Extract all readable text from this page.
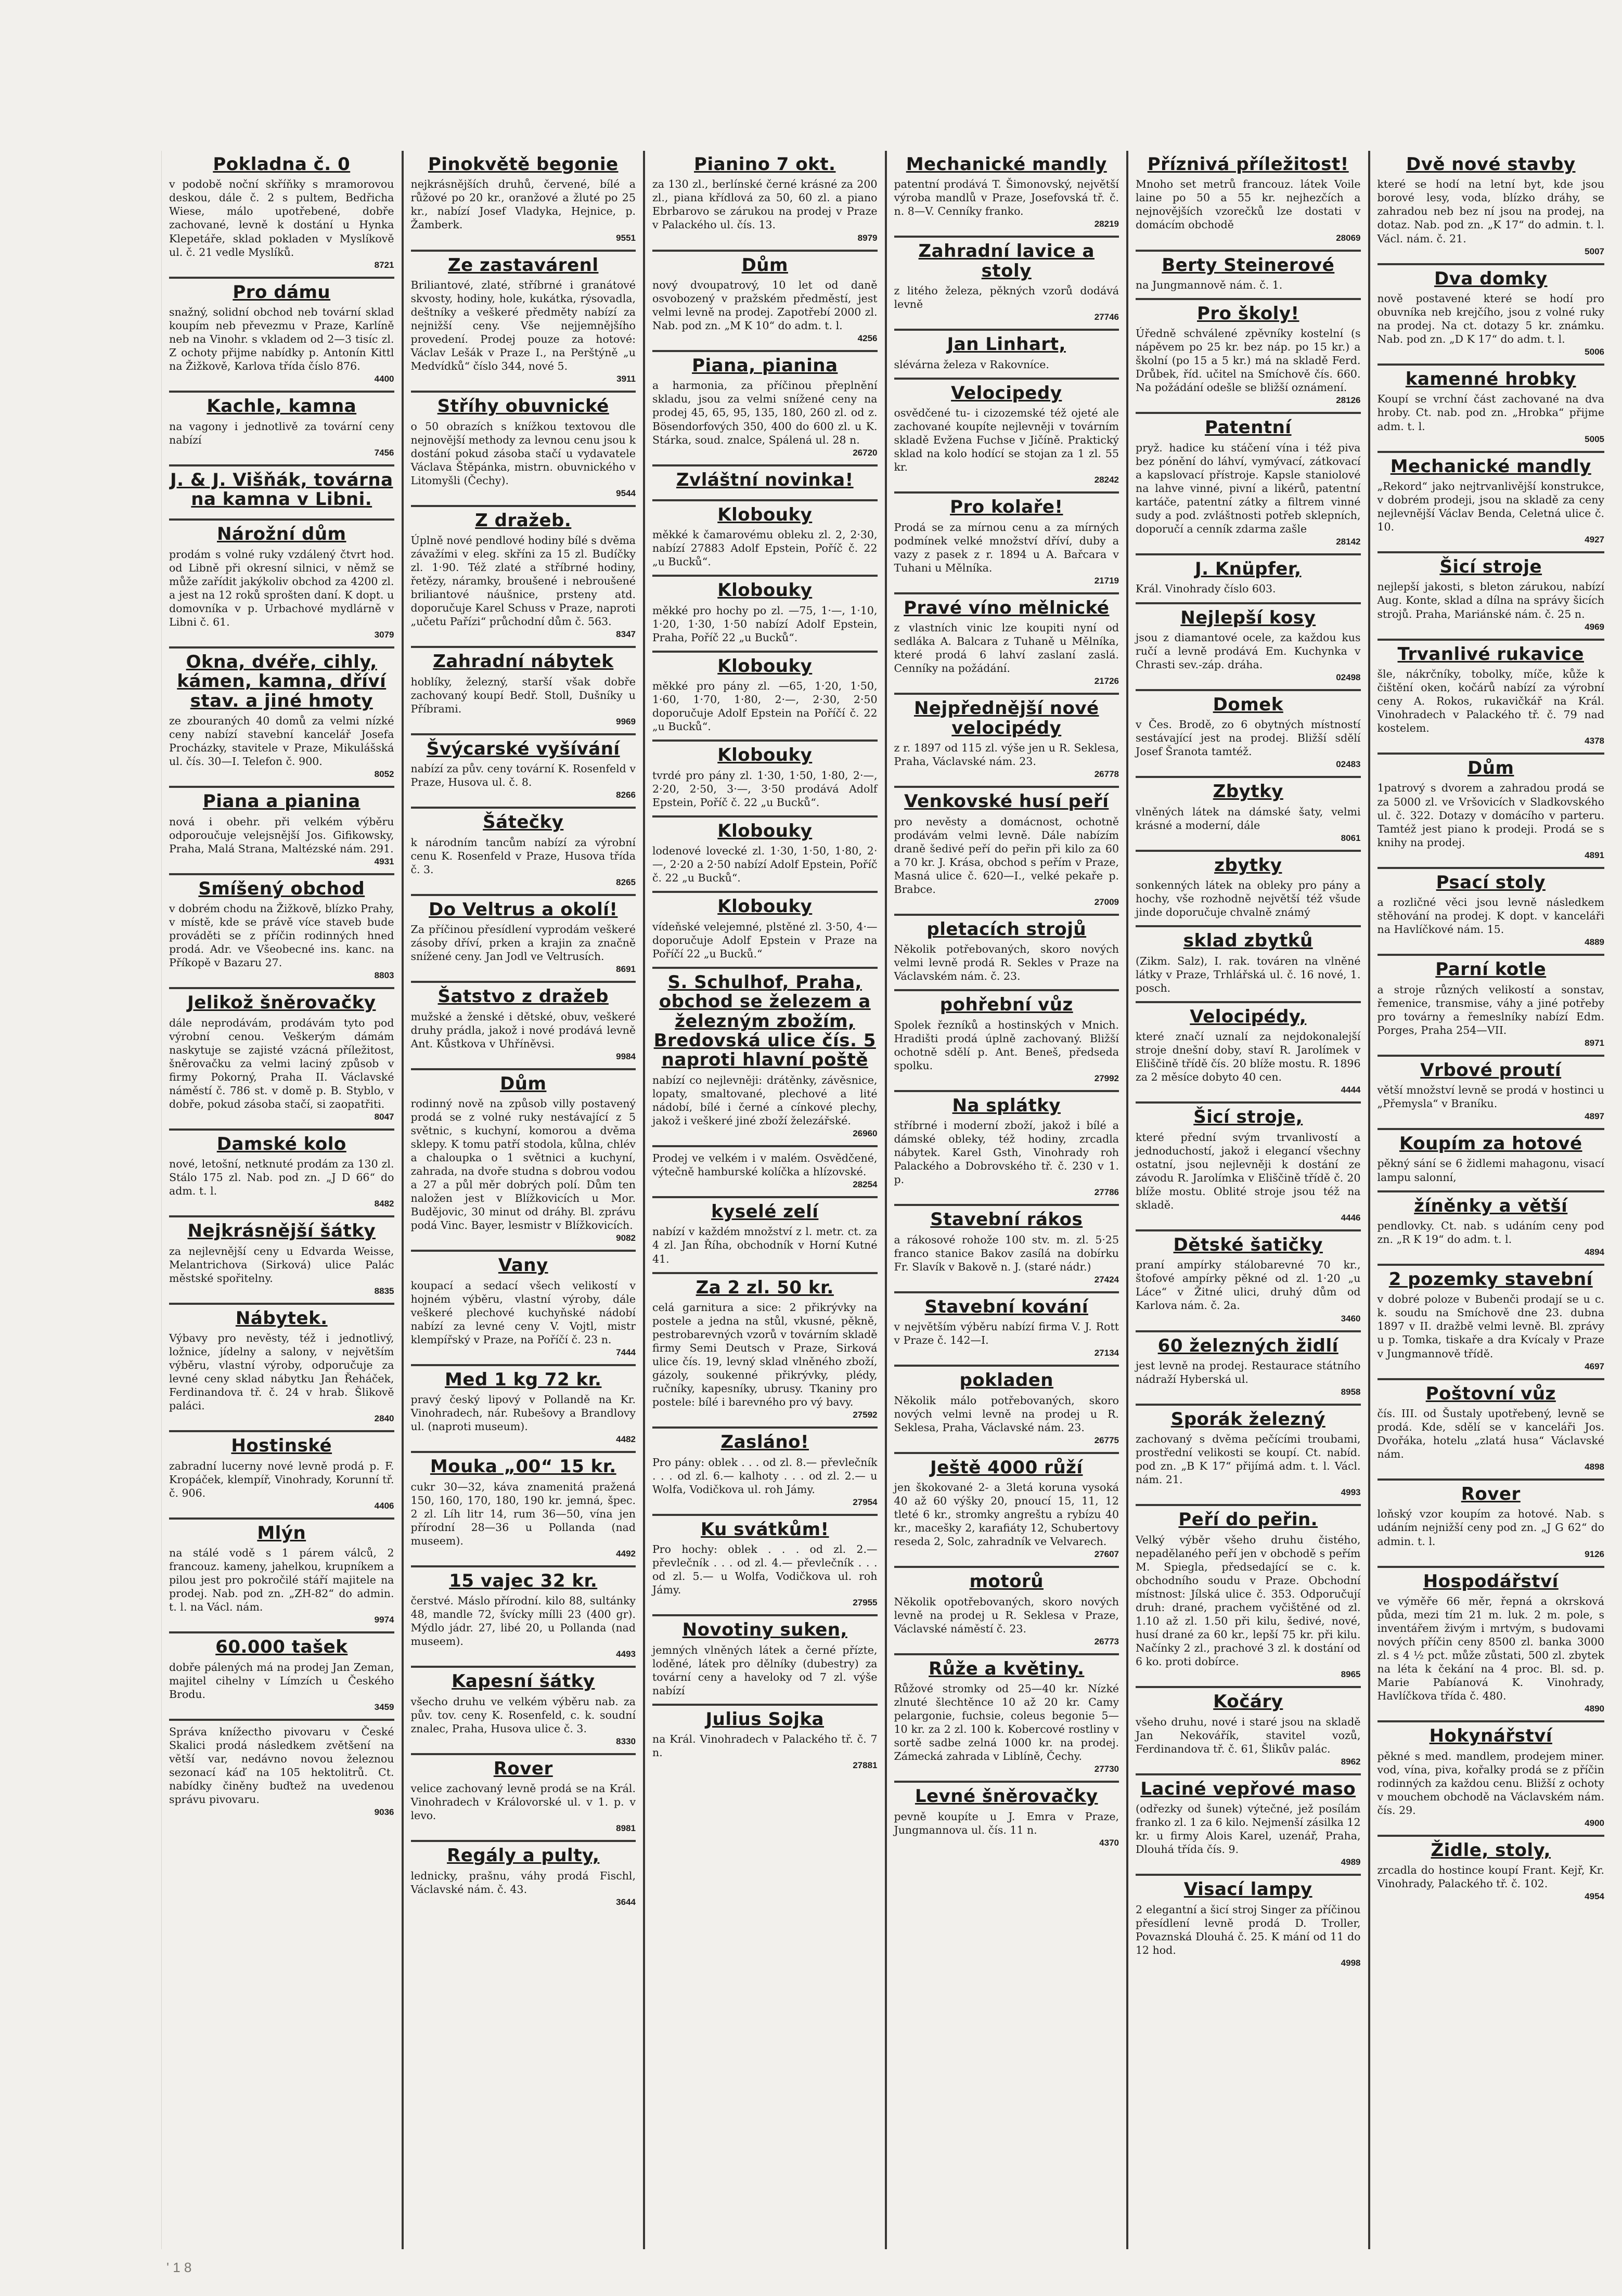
Pokladna č. 0
v podobě noční skříňky s mramorovou deskou, dále č. 2 s pultem, Bedřicha Wiese, málo upotřebené, dobře zachované, levně k dostání u Hynka Klepetáře, sklad pokladen v Myslíkově ul. č. 21 vedle Myslíků.
8721
Pro dámu
snažný, solidní obchod neb tovární sklad koupím neb převezmu v Praze, Karlíně neb na Vinohr. s vkladem od 2—3 tisíc zl. Z ochoty přijme nabídky p. Antonín Kittl na Žižkově, Karlova třída číslo 876.
4400
Kachle, kamna
na vagony i jednotlivě za tovární ceny nabízí
7456
J. & J. Višňák, továrna na kamna v Libni.
Nárožní dům
prodám s volné ruky vzdálený čtvrt hod. od Libně při okresní silnici, v němž se může zařídit jakýkoliv obchod za 4200 zl. a jest na 12 roků sprošten daní. K dopt. u domovníka v p. Urbachové mydlárně v Libni č. 61.
3079
Okna, dvéře, cihly, kámen, kamna, dříví stav. a jiné hmoty
ze zbouraných 40 domů za velmi nízké ceny nabízí stavební kancelář Josefa Procházky, stavitele v Praze, Mikulášská ul. čís. 30—I. Telefon č. 900.
8052
Piana a pianina
nová i obehr. při velkém výběru odporoučuje velejsnější Jos. Gifikowsky, Praha, Malá Strana, Maltézské nám. 291.
4931
Smíšený obchod
v dobrém chodu na Žižkově, blízko Prahy, v místě, kde se právě více staveb bude prováděti se z příčin rodinných hned prodá. Adr. ve Všeobecné ins. kanc. na Příkopě v Bazaru 27.
8803
Jelikož šněrovačky
dále neprodávám, prodávám tyto pod výrobní cenou. Veškerým dámám naskytuje se zajisté vzácná příležitost, šněrovačku za velmi laciný způsob v firmy Pokorný, Praha II. Václavské náměstí č. 786 st. v domě p. B. Styblo, v dobře, pokud zásoba stačí, si zaopatřiti.
8047
Damské kolo
nové, letošní, netknuté prodám za 130 zl. Stálo 175 zl. Nab. pod zn. „J D 66“ do adm. t. l.
8482
Nejkrásnější šátky
za nejlevnější ceny u Edvarda Weisse, Melantrichova (Sirková) ulice Palác městské spořitelny.
8835
Nábytek.
Výbavy pro nevěsty, též i jednotlivý, ložnice, jídelny a salony, v největším výběru, vlastní výroby, odporučuje za levné ceny sklad nábytku Jan Řeháček, Ferdinandova tř. č. 24 v hrab. Šlikově paláci.
2840
Hostinské
zabradní lucerny nové levně prodá p. F. Kropáček, klempíř, Vinohrady, Korunní tř. č. 906.
4406
Mlýn
na stálé vodě s 1 párem válců, 2 francouz. kameny, jahelkou, krupníkem a pilou jest pro pokročilé stáří majitele na prodej. Nab. pod zn. „ZH-82“ do admin. t. l. na Václ. nám.
9974
60.000 tašek
dobře pálených má na prodej Jan Zeman, majitel cihelny v Límzích u Českého Brodu.
3459
Správa knížectho pivovaru v České Skalici prodá následkem zvětšení na větší var, nedávno novou železnou sezonací káď na 105 hektolitrů. Ct. nabídky činěny buďtež na uvedenou správu pivovaru.
9036
Pinokvětě begonie
nejkrásnějších druhů, červené, bílé a růžové po 20 kr., oranžové a žluté po 25 kr., nabízí Josef Vladyka, Hejnice, p. Žamberk.
9551
Ze zastavárenl
Briliantové, zlaté, stříbrné i granátové skvosty, hodiny, hole, kukátka, rýsovadla, deštníky a veškeré předměty nabízí za nejnižší ceny. Vše nejjemnějšího provedení. Prodej pouze za hotové: Václav Lešák v Praze I., na Perštýně „u Medvídků“ číslo 344, nové 5.
3911
Stříhy obuvnické
o 50 obrazích s knížkou textovou dle nejnovější methody za levnou cenu jsou k dostání pokud zásoba stačí u vydavatele Václava Štěpánka, mistrn. obuvnického v Litomyšli (Čechy).
9544
Z dražeb.
Úplně nové pendlové hodiny bílé s dvěma závažími v eleg. skříni za 15 zl. Budíčky zl. 1·90. Též zlaté a stříbrné hodiny, řetězy, náramky, broušené i nebroušené briliantové náušnice, prsteny atd. doporučuje Karel Schuss v Praze, naproti „učetu Pařízi“ průchodní dům č. 563.
8347
Zahradní nábytek
hoblíky, železný, starší však dobře zachovaný koupí Bedř. Stoll, Dušníky u Příbrami.
9969
Švýcarské vyšívání
nabízí za pův. ceny tovární K. Rosenfeld v Praze, Husova ul. č. 8.
8266
Šátečky
k národním tancům nabízí za výrobní cenu K. Rosenfeld v Praze, Husova třída č. 3.
8265
Do Veltrus a okolí!
Za příčinou přesídlení vyprodám veškeré zásoby dříví, prken a krajin za značně snížené ceny. Jan Jodl ve Veltrusích.
8691
Šatstvo z dražeb
mužské a ženské i dětské, obuv, veškeré druhy prádla, jakož i nové prodává levně Ant. Kůstkova v Uhříněvsi.
9984
Dům
rodinný nově na způsob villy postavený prodá se z volné ruky nestávající z 5 světnic, s kuchyní, komorou a dvěma sklepy. K tomu patří stodola, kůlna, chlév a chaloupka o 1 světnici a kuchyní, zahrada, na dvoře studna s dobrou vodou a 27 a půl měr dobrých polí. Dům ten naložen jest v Blížkovicích u Mor. Budějovic, 30 minut od dráhy. Bl. zprávu podá Vinc. Bayer, lesmistr v Blížkovicích.
9082
Vany
koupací a sedací všech velikostí v hojném výběru, vlastní výroby, dále veškeré plechové kuchyňské nádobí nabízí za levné ceny V. Vojtl, mistr klempířský v Praze, na Poříčí č. 23 n.
7444
Med 1 kg 72 kr.
pravý český lipový v Pollandě na Kr. Vinohradech, nár. Rubešovy a Brandlovy ul. (naproti museum).
4482
Mouka „00“ 15 kr.
cukr 30—32, káva znamenitá pražená 150, 160, 170, 180, 190 kr. jemná, špec. 2 zl. Líh litr 14, rum 36—50, vína jen přírodní 28—36 u Pollanda (nad museem).
4492
15 vajec 32 kr.
čerstvé. Máslo přírodní. kilo 88, sultánky 48, mandle 72, švícky mílli 23 (400 gr). Mýdlo jádr. 27, libé 20, u Pollanda (nad museem).
4493
Kapesní šátky
všecho druhu ve velkém výběru nab. za pův. tov. ceny K. Rosenfeld, c. k. soudní znalec, Praha, Husova ulice č. 3.
8330
Rover
velice zachovaný levně prodá se na Král. Vinohradech v Královorské ul. v 1. p. v levo.
8981
Regály a pulty,
lednicky, prašnu, váhy prodá Fischl, Václavské nám. č. 43.
3644
Pianino 7 okt.
za 130 zl., berlínské černé krásné za 200 zl., piana křídlová za 50, 60 zl. a piano Ebrbarovo se zárukou na prodej v Praze v Palackého ul. čís. 13.
8979
Dům
nový dvoupatrový, 10 let od daně osvobozený v pražském předměstí, jest velmi levně na prodej. Zapotřebí 2000 zl. Nab. pod zn. „M K 10“ do adm. t. l.
4256
Piana, pianina
a harmonia, za příčinou přeplnění skladu, jsou za velmi snížené ceny na prodej 45, 65, 95, 135, 180, 260 zl. od z. Bösendorfových 350, 400 do 600 zl. u K. Stárka, soud. znalce, Spálená ul. 28 n.
26720
Zvláštní novinka!
Klobouky
měkké k čamarovému obleku zl. 2, 2·30, nabízí 27883 Adolf Epstein, Poříč č. 22 „u Bucků“.
Klobouky
měkké pro hochy po zl. —75, 1·—, 1·10, 1·20, 1·30, 1·50 nabízí Adolf Epstein, Praha, Poříč 22 „u Bucků“.
Klobouky
měkké pro pány zl. —65, 1·20, 1·50, 1·60, 1·70, 1·80, 2·—, 2·30, 2·50 doporučuje Adolf Epstein na Poříčí č. 22 „u Bucků“.
Klobouky
tvrdé pro pány zl. 1·30, 1·50, 1·80, 2·—, 2·20, 2·50, 3·—, 3·50 prodává Adolf Epstein, Poříč č. 22 „u Bucků“.
Klobouky
lodenové lovecké zl. 1·30, 1·50, 1·80, 2·—, 2·20 a 2·50 nabízí Adolf Epstein, Poříč č. 22 „u Bucků“.
Klobouky
vídeňské velejemné, plstěné zl. 3·50, 4·— doporučuje Adolf Epstein v Praze na Poříčí 22 „u Bucků.“
S. Schulhof, Praha, obchod se železem a železným zbožím, Bredovská ulice čís. 5 naproti hlavní poště
nabízí co nejlevněji: drátěnky, závěsnice, lopaty, smaltované, plechové a lité nádobí, bílé i černé a cínkové plechy, jakož i veškeré jiné zboží železářské.
26960
Prodej ve velkém i v malém. Osvědčené, výtečně hamburské kolíčka a hlízovské.
28254
kyselé zelí
nabízí v každém množství z l. metr. ct. za 4 zl. Jan Říha, obchodník v Horní Kutné 41.
Za 2 zl. 50 kr.
celá garnitura a sice: 2 přikrývky na postele a jedna na stůl, vkusné, pěkně, pestrobarevných vzorů v továrním skladě firmy Semi Deutsch v Praze, Sirková ulice čís. 19, levný sklad vlněného zboží, gázoly, soukenné přikrývky, plédy, ručníky, kapesníky, ubrusy. Tkaniny pro postele: bílé i barevného pro vý bavy.
27592
Zasláno!
Pro pány: oblek . . . od zl. 8.— převlečník . . . od zl. 6.— kalhoty . . . od zl. 2.— u Wolfa, Vodičkova ul. roh Jámy.
27954
Ku svátkům!
Pro hochy: oblek . . . od zl. 2.— převlečník . . . od zl. 4.— převlečník . . . od zl. 5.— u Wolfa, Vodičkova ul. roh Jámy.
27955
Novotiny suken,
jemných vlněných látek a černé přízte, loděné, látek pro dělníky (dubestry) za tovární ceny a haveloky od 7 zl. výše nabízí
Julius Sojka
na Král. Vinohradech v Palackého tř. č. 7 n.
27881
Mechanické mandly
patentní prodává T. Šimonovský, největší výroba mandlů v Praze, Josefovská tř. č. n. 8—V. Cenníky franko.
28219
Zahradní lavice a stoly
z litého železa, pěkných vzorů dodává levně
27746
Jan Linhart,
slévárna železa v Rakovníce.
Velocipedy
osvědčené tu- i cizozemské též ojeté ale zachované koupíte nejlevněji v továrním skladě Evžena Fuchse v Jičíně. Praktický sklad na kolo hodící se stojan za 1 zl. 55 kr.
28242
Pro kolaře!
Prodá se za mírnou cenu a za mírných podmínek velké množství dříví, duby a vazy z pasek z r. 1894 u A. Bařcara v Tuhani u Mělníka.
21719
Pravé víno mělnické
z vlastních vinic lze koupiti nyní od sedláka A. Balcara z Tuhaně u Mělníka, které prodá 6 lahví zaslaní zaslá. Cenníky na požádání.
21726
Nejpřednější nové velocipédy
z r. 1897 od 115 zl. výše jen u R. Seklesa, Praha, Václavské nám. 23.
26778
Venkovské husí peří
pro nevěsty a domácnost, ochotně prodávám velmi levně. Dále nabízím draně šedivé peří do peřin při kilo za 60 a 70 kr. J. Krása, obchod s peřím v Praze, Masná ulice č. 620—I., velké pekaře p. Brabce.
27009
pletacích strojů
Několik potřebovaných, skoro nových velmi levně prodá R. Sekles v Praze na Václavském nám. č. 23.
pohřební vůz
Spolek řezníků a hostinských v Mnich. Hradišti prodá úplně zachovaný. Bližší ochotně sdělí p. Ant. Beneš, předseda spolku.
27992
Na splátky
stříbrné i moderní zboží, jakož i bílé a dámské obleky, též hodiny, zrcadla nábytek. Karel Gsth, Vinohrady roh Palackého a Dobrovského tř. č. 230 v 1. p.
27786
Stavební rákos
a rákosové rohože 100 stv. m. zl. 5·25 franco stanice Bakov zasílá na dobírku Fr. Slavík v Bakově n. J. (staré nádr.)
27424
Stavební kování
v největším výběru nabízí firma V. J. Rott v Praze č. 142—I.
27134
pokladen
Několik málo potřebovaných, skoro nových velmi levně na prodej u R. Seklesa, Praha, Václavské nám. 23.
26775
Ještě 4000 růží
jen škokované 2- a 3letá koruna vysoká 40 až 60 výšky 20, pnoucí 15, 11, 12 tleté 6 kr., stromky angreštu a rybízu 40 kr., macešky 2, karafiáty 12, Schubertovy reseda 2, Solc, zahradník ve Velvarech.
27607
motorů
Několik opotřebovaných, skoro nových levně na prodej u R. Seklesa v Praze, Václavské náměstí č. 23.
26773
Růže a květiny.
Růžové stromky od 25—40 kr. Nízké zlnuté šlechtěnce 10 až 20 kr. Camy pelargonie, fuchsie, coleus begonie 5—10 kr. za 2 zl. 100 k. Kobercové rostliny v sortě sadbe zelná 1000 kr. na prodej. Zámecká zahrada v Liblíně, Čechy.
27730
Levné šněrovačky
pevně koupíte u J. Emra v Praze, Jungmannova ul. čís. 11 n.
4370
Příznivá příležitost!
Mnoho set metrů francouz. látek Voile laine po 50 a 55 kr. nejhezčích a nejnovějších vzorečků lze dostati v domácím obchodě
28069
Berty Steinerové
na Jungmannově nám. č. 1.
Pro školy!
Úředně schválené zpěvníky kostelní (s nápěvem po 25 kr. bez náp. po 15 kr.) a školní (po 15 a 5 kr.) má na skladě Ferd. Drůbek, říd. učitel na Smíchově čís. 660. Na požádání odešle se bližší oznámení.
28126
Patentní
pryž. hadice ku stáčení vína i též piva bez pónění do láhví, vymývací, zátkovací a kapslovací přístroje. Kapsle staniolové na lahve vinné, pivní a likérů, patentní kartáče, patentní zátky a filtrem vinné sudy a pod. zvláštnosti potřeb sklepních, doporučí a cenník zdarma zašle
28142
J. Knüpfer,
Král. Vinohrady číslo 603.
Nejlepší kosy
jsou z diamantové ocele, za každou kus ručí a levně prodává Em. Kuchynka v Chrasti sev.-záp. dráha.
02498
Domek
v Čes. Brodě, zo 6 obytných místností sestávající jest na prodej. Bližší sdělí Josef Šranota tamtéž.
02483
Zbytky
vlněných látek na dámské šaty, velmi krásné a moderní, dále
8061
zbytky
sonkenných látek na obleky pro pány a hochy, vše rozhodně největší též všude jinde doporučuje chvalně známý
sklad zbytků
(Zikm. Salz), I. rak. továren na vlněné látky v Praze, Trhlářská ul. č. 16 nové, 1. posch.
Velocipédy,
které značí uznalí za nejdokonalejší stroje dnešní doby, staví R. Jarolímek v Eliščině třídě čís. 20 blíže mostu. R. 1896 za 2 měsíce dobyto 40 cen.
4444
Šicí stroje,
které přední svým trvanlivostí a jednoduchostí, jakož i elegancí všechny ostatní, jsou nejlevněji k dostání ze závodu R. Jarolímka v Eliščině třídě č. 20 blíže mostu. Oblité stroje jsou též na skladě.
4446
Dětské šatičky
praní ampírky stálobarevné 70 kr., štofové ampírky pěkné od zl. 1·20 „u Láce“ v Žitné ulici, druhý dům od Karlova nám. č. 2a.
3460
60 železných židlí
jest levně na prodej. Restaurace státního nádraží Hyberská ul.
8958
Sporák železný
zachovaný s dvěma pečícími troubami, prostřední velikosti se koupí. Ct. nabíd. pod zn. „B K 17“ přijímá adm. t. l. Václ. nám. 21.
4993
Peří do peřin.
Velký výběr všeho druhu čistého, nepadělaného peří jen v obchodě s peřím M. Spiegla, předsedající se c. k. obchodního soudu v Praze. Obchodní místnost: Jílská ulice č. 353. Odporučují druh: drané, prachem vyčištěné od zl. 1.10 až zl. 1.50 při kilu, šedivé, nové, husí drané za 60 kr., lepší 75 kr. při kilu. Načínky 2 zl., prachové 3 zl. k dostání od 6 ko. proti dobírce.
8965
Kočáry
všeho druhu, nové i staré jsou na skladě Jan Nekovářík, stavitel vozů, Ferdinandova tř. č. 61, Šlikův palác.
8962
Laciné vepřové maso
(odřezky od šunek) výtečné, jež posílám franko zl. 1 za 6 kilo. Nejmenší zásilka 12 kr. u firmy Alois Karel, uzenář, Praha, Dlouhá třída čís. 9.
4989
Visací lampy
2 elegantní a šicí stroj Singer za příčinou přesídlení levně prodá D. Troller, Povaznská Dlouhá č. 25. K mání od 11 do 12 hod.
4998
Dvě nové stavby
které se hodí na letní byt, kde jsou borové lesy, voda, blízko dráhy, se zahradou neb bez ní jsou na prodej, na dotaz. Nab. pod zn. „K 17“ do admin. t. l. Václ. nám. č. 21.
5007
Dva domky
nově postavené které se hodí pro obuvníka neb krejčího, jsou z volné ruky na prodej. Na ct. dotazy 5 kr. známku. Nab. pod zn. „D K 17“ do adm. t. l.
5006
kamenné hrobky
Koupí se vrchní část zachované na dva hroby. Ct. nab. pod zn. „Hrobka“ přijme adm. t. l.
5005
Mechanické mandly
„Rekord“ jako nejtrvanlivější konstrukce, v dobrém prodeji, jsou na skladě za ceny nejlevnější Václav Benda, Celetná ulice č. 10.
4927
Šicí stroje
nejlepší jakosti, s bleton zárukou, nabízí Aug. Konte, sklad a dílna na správy šicích strojů. Praha, Mariánské nám. č. 25 n.
4969
Trvanlivé rukavice
šle, nákrčníky, tobolky, míče, kůže k čištění oken, kočárů nabízí za výrobní ceny A. Rokos, rukavičkář na Král. Vinohradech v Palackého tř. č. 79 nad kostelem.
4378
Dům
1patrový s dvorem a zahradou prodá se za 5000 zl. ve Vršovicích v Sladkovského ul. č. 322. Dotazy v domácího v parteru. Tamtéž jest piano k prodeji. Prodá se s knihy na prodej.
4891
Psací stoly
a rozličné věci jsou levně následkem stěhování na prodej. K dopt. v kanceláři na Havlíčkové nám. 15.
4889
Parní kotle
a stroje různých velikostí a sonstav, řemenice, transmise, váhy a jiné potřeby pro továrny a řemeslníky nabízí Edm. Porges, Praha 254—VII.
8971
Vrbové proutí
větší množství levně se prodá v hostinci u „Přemysla“ v Braníku.
4897
Koupím za hotové
pěkný sání se 6 židlemi mahagonu, visací lampu salonní,
žíněnky a větší
pendlovky. Ct. nab. s udáním ceny pod zn. „R K 19“ do adm. t. l.
4894
2 pozemky stavební
v dobré poloze v Bubenči prodají se u c. k. soudu na Smíchově dne 23. dubna 1897 v II. dražbě velmi levně. Bl. zprávy u p. Tomka, tiskaře a dra Kvícaly v Praze v Jungmannově třídě.
4697
Poštovní vůz
čís. III. od Šustaly upotřebený, levně se prodá. Kde, sdělí se v kanceláři Jos. Dvořáka, hotelu „zlatá husa“ Václavské nám.
4898
Rover
loňský vzor koupím za hotové. Nab. s udáním nejnižší ceny pod zn. „J G 62“ do admin. t. l.
9126
Hospodářství
ve výměře 66 měr, řepná a okrsková půda, mezi tím 21 m. luk. 2 m. pole, s inventářem živým i mrtvým, s budovami nových příčin ceny 8500 zl. banka 3000 zl. s 4 ½ pct. může zůstati, 500 zl. zbytek na léta k čekání na 4 proc. Bl. sd. p. Marie Pabíanová K. Vinohrady, Havlíčkova třída č. 480.
4890
Hokynářství
pěkné s med. mandlem, prodejem miner. vod, vína, piva, kořalky prodá se z příčin rodinných za každou cenu. Bližší z ochoty v mouchem obchodě na Václavském nám. čís. 29.
4900
Židle, stoly,
zrcadla do hostince koupí Frant. Kejř, Kr. Vinohrady, Palackého tř. č. 102.
4954
' 1 8
